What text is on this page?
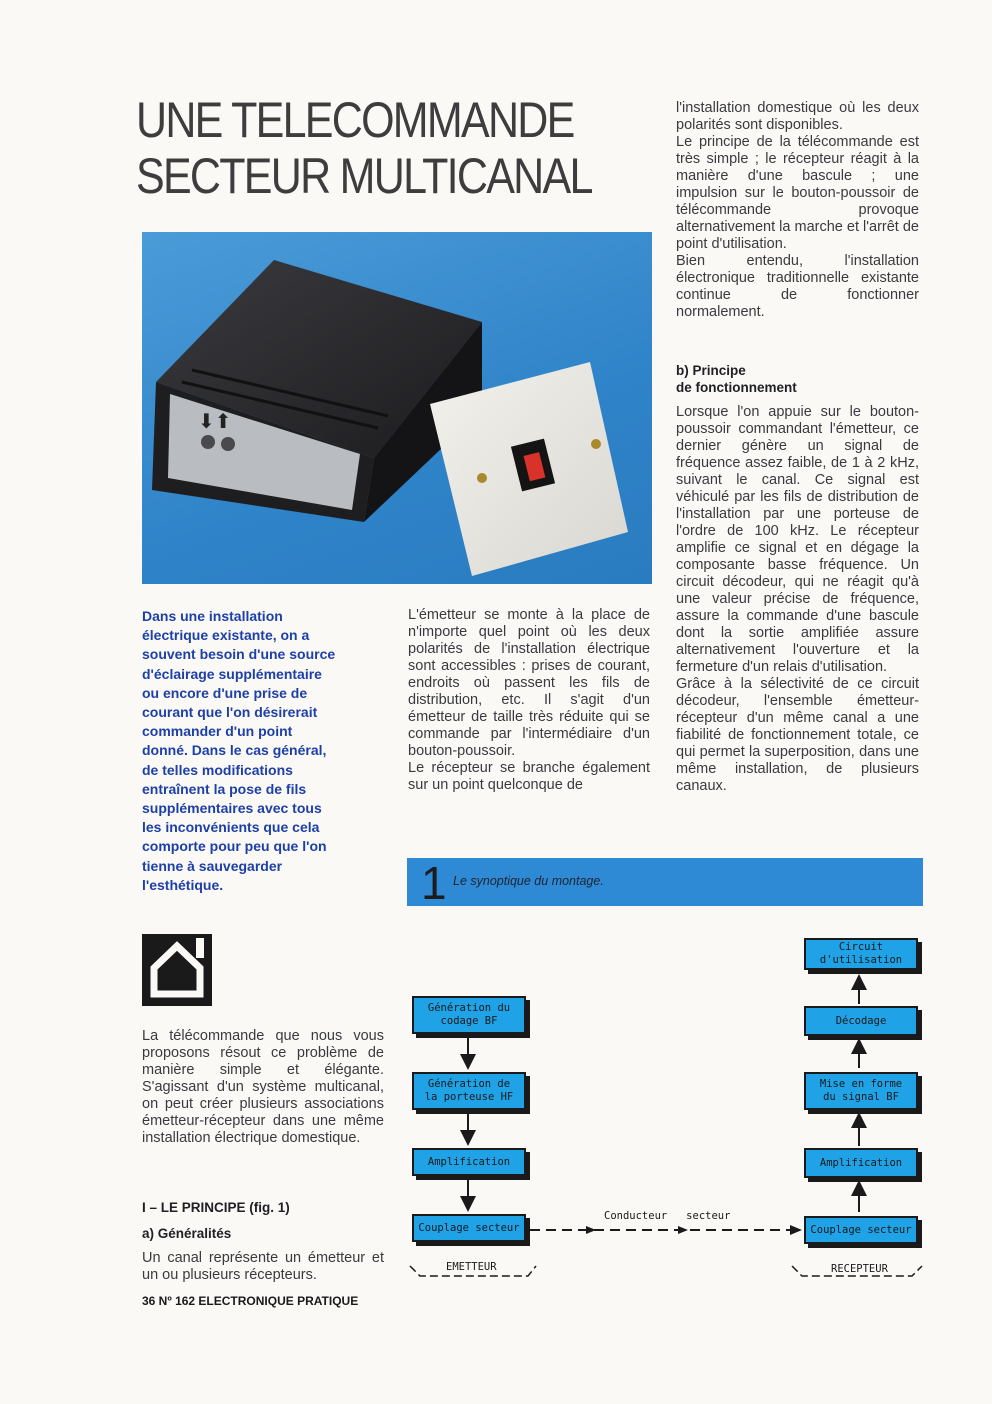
UNE TELECOMMANDE
SECTEUR MULTICANAL
⬇⬆
Dans une installation électrique existante, on a souvent besoin d'une source d'éclairage supplémentaire ou encore d'une prise de courant que l'on désirerait commander d'un point donné. Dans le cas général, de telles modifications entraînent la pose de fils supplémentaires avec tous les inconvénients que cela comporte pour peu que l'on tienne à sauvegarder l'esthétique.

La télécommande que nous vous proposons résout ce problème de manière simple et élégante. S'agissant d'un système multicanal, on peut créer plusieurs associations émetteur-récepteur dans une même installation électrique domestique.

I – LE PRINCIPE (fig. 1)
a) Généralités
Un canal représente un émetteur et un ou plusieurs récepteurs.

L'émetteur se monte à la place de n'importe quel point où les deux polarités de l'installation électrique sont accessibles : prises de courant, endroits où passent les fils de distribution, etc. Il s'agit d'un émetteur de taille très réduite qui se commande par l'intermédiaire d'un bouton-poussoir.

Le récepteur se branche également sur un point quelconque de

l'installation domestique où les deux polarités sont disponibles.

Le principe de la télécommande est très simple ; le récepteur réagit à la manière d'une bascule ; une impulsion sur le bouton-poussoir de télécommande provoque alternativement la marche et l'arrêt de point d'utilisation.

Bien entendu, l'installation électronique traditionnelle existante continue de fonctionner normalement.

b) Principe
de fonctionnement

Lorsque l'on appuie sur le bouton-poussoir commandant l'émetteur, ce dernier génère un signal de fréquence assez faible, de 1 à 2 kHz, suivant le canal. Ce signal est véhiculé par les fils de distribution de l'installation par une porteuse de l'ordre de 100 kHz. Le récepteur amplifie ce signal et en dégage la composante basse fréquence. Un circuit décodeur, qui ne réagit qu'à une valeur précise de fréquence, assure la commande d'une bascule dont la sortie amplifiée assure alternativement l'ouverture et la fermeture d'un relais d'utilisation.

Grâce à la sélectivité de ce circuit décodeur, l'ensemble émetteur-récepteur d'un même canal a une fiabilité de fonctionnement totale, ce qui permet la superposition, dans une même installation, de plusieurs canaux.

1 Le synoptique du montage.
Génération du
codage BF
Génération de
la porteuse HF
Amplification
Couplage secteur
Circuit d'utilisation
Décodage
Mise en forme
du signal BF
Amplification
Couplage secteur
Conducteur   secteur
EMETTEUR	RECEPTEUR
36 Nº 162 ELECTRONIQUE PRATIQUE
